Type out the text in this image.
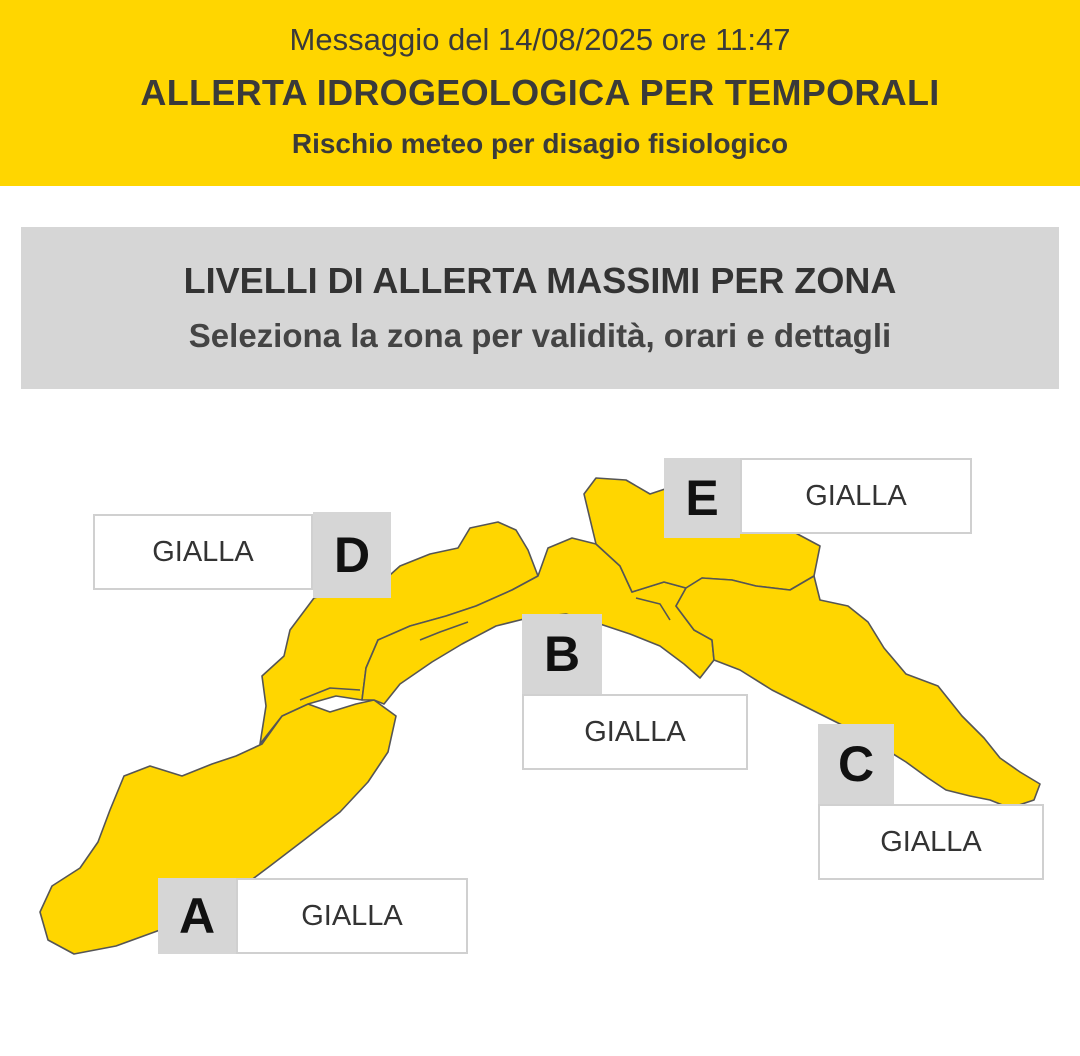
Messaggio del 14/08/2025 ore 11:47
ALLERTA IDROGEOLOGICA PER TEMPORALI
Rischio meteo per disagio fisiologico
LIVELLI DI ALLERTA MASSIMI PER ZONA
Seleziona la zona per validità, orari e dettagli
GIALLA	D
E	GIALLA
B
GIALLA
C
GIALLA
A	GIALLA
